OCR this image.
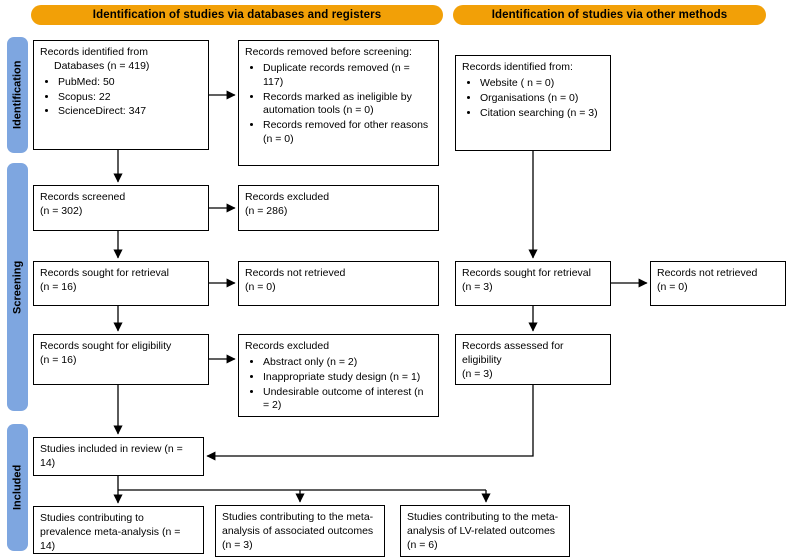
Identification of studies via databases and registers	Identification of studies via other methods
Identification
Screening
Included
Records identified from
Databases (n = 419)
• PubMed: 50
• Scopus: 22
• ScienceDirect: 347
Records removed before screening:
• Duplicate records removed (n = 117)
• Records marked as ineligible by automation tools (n = 0)
• Records removed for other reasons (n = 0)
Records identified from:
• Website ( n = 0)
• Organisations (n = 0)
• Citation searching (n = 3)
Records screened
(n = 302)
Records excluded
(n = 286)
Records sought for retrieval
(n = 16)
Records not retrieved
(n = 0)
Records sought for retrieval
(n = 3)
Records not retrieved
(n = 0)
Records sought for eligibility
(n = 16)
Records excluded
• Abstract only (n = 2)
• Inappropriate study design (n = 1)
• Undesirable outcome of interest (n = 2)
Records assessed for eligibility
(n = 3)
Studies included in review (n = 14)
Studies contributing to prevalence meta-analysis (n = 14)
Studies contributing to the meta-analysis of associated outcomes (n = 3)
Studies contributing to the meta-analysis of LV-related outcomes (n = 6)
